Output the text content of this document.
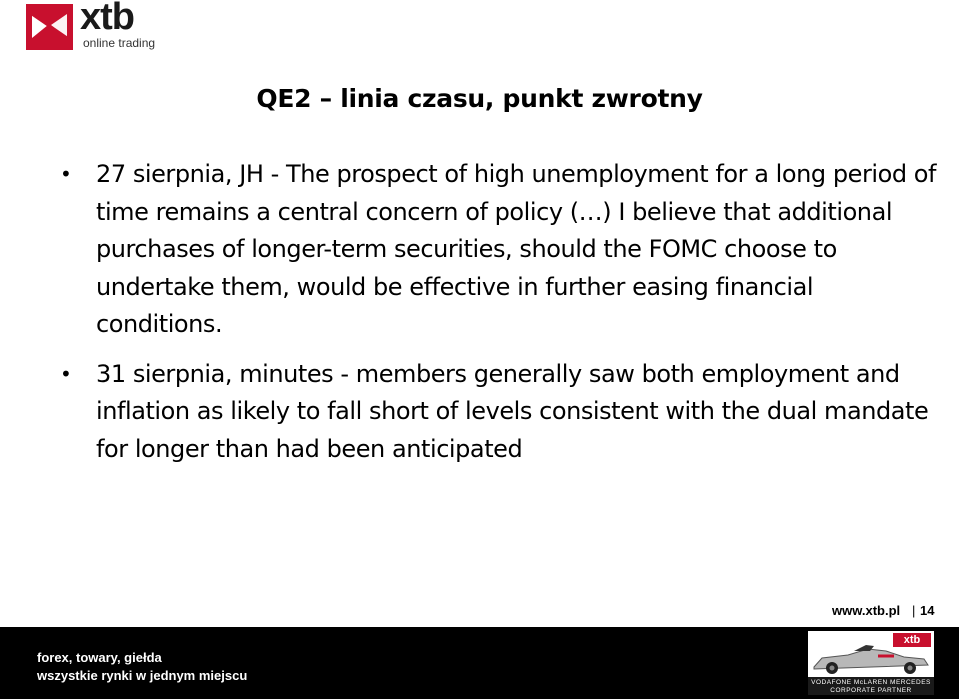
xtb
online trading
QE2 – linia czasu, punkt zwrotny
• 27 sierpnia, JH - The prospect of high unemployment for a long period of time remains a central concern of policy (…) I believe that additional purchases of longer-term securities, should the FOMC choose to undertake them, would be effective in further easing financial conditions.
• 31 sierpnia, minutes - members generally saw both employment and inflation as likely to fall short of levels consistent with the dual mandate for longer than had been anticipated
www.xtb.pl | 14
forex, towary, giełda
wszystkie rynki w jednym miejscu
xtb
VODAFONE McLAREN MERCEDES
CORPORATE PARTNER
